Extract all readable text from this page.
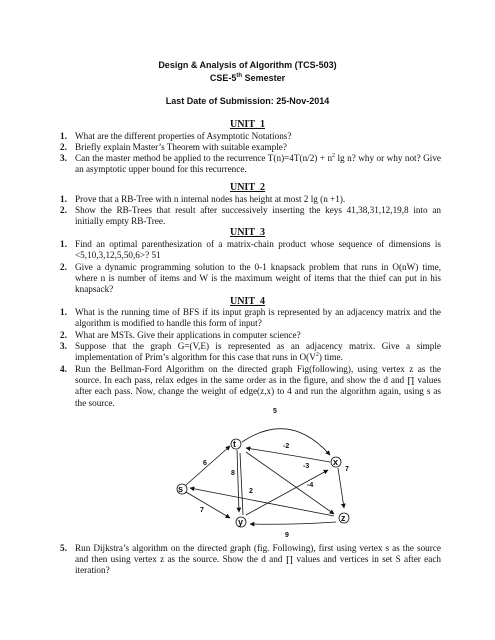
Design & Analysis of Algorithm (TCS-503)
CSE-5th Semester
Last Date of Submission: 25-Nov-2014
UNIT_1
1. What are the different properties of Asymptotic Notations?
2. Briefly explain Master’s Theorem with suitable example?
3. Can the master method be applied to the recurrence $T(n)=4T(n/2) + n^2$ lg n? why or why not? Give an asymptotic upper bound for this recurrence.
UNIT_2
1. Prove that a RB-Tree with n internal nodes has height at most 2 lg (n +1).
2. Show the RB-Trees that result after successively inserting the keys 41,38,31,12,19,8 into an initially empty RB-Tree.
UNIT_3
1. Find an optimal parenthesization of a matrix-chain product whose sequence of dimensions is <5,10,3,12,5,50,6>? 51
2. Give a dynamic programming solution to the 0-1 knapsack problem that runs in O(nW) time, where n is number of items and W is the maximum weight of items that the thief can put in his knapsack?
UNIT_4
1. What is the running time of BFS if its input graph is represented by an adjacency matrix and the algorithm is modified to handle this form of input?
2. What are MSTs. Give their applications in computer science?
3. Suppose that the graph G=(V,E) is represented as an adjacency matrix. Give a simple implementation of Prim’s algorithm for this case that runs in $O(V^2)$ time.
4. Run the Bellman-Ford Algorithm on the directed graph Fig(following), using vertex z as the source. In each pass, relax edges in the same order as in the figure, and show the d and ∏ values after each pass. Now, change the weight of edge(z,x) to 4 and run the algorithm again, using s as the source.
s
t
x
y	z
5
-2
6
7
8
-3
-4
2
7
9
5. Run Dijkstra’s algorithm on the directed graph (fig. Following), first using vertex s as the source and then using vertex z as the source. Show the d and ∏ values and vertices in set S after each iteration?
